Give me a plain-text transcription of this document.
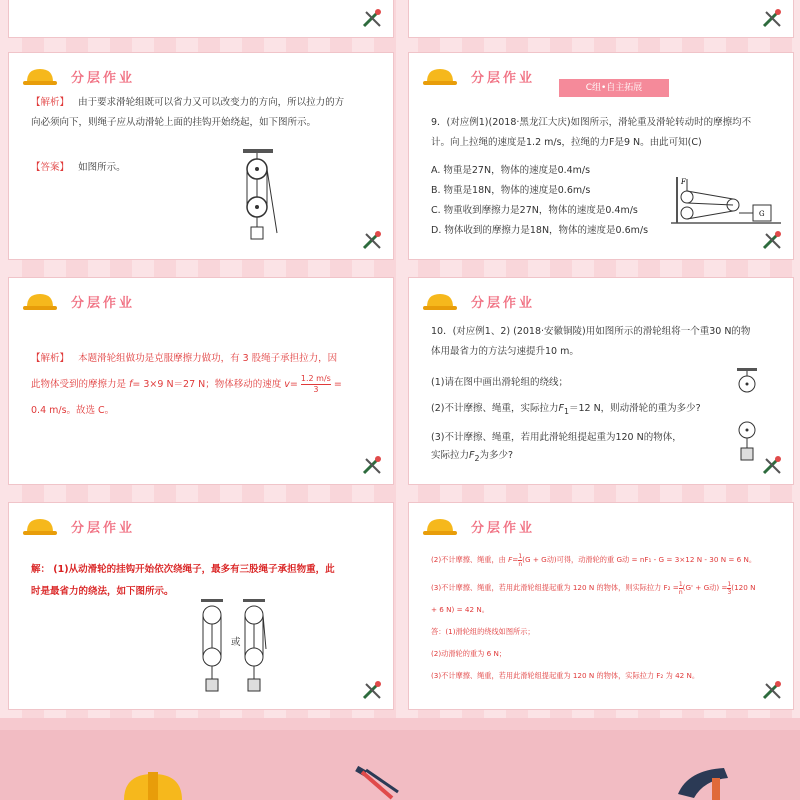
分层作业
【解析】 由于要求滑轮组既可以省力又可以改变力的方向，所以拉力的方
向必须向下，则绳子应从动滑轮上面的挂钩开始绕起，如下图所示。
【答案】 如图所示。
分层作业
C组•自主拓展
9．(对应例1)(2018·黑龙江大庆)如图所示，滑轮重及滑轮转动时的摩擦均不
计。向上拉绳的速度是1.2 m/s，拉绳的力F是9 N。由此可知(C)
A. 物重是27N，物体的速度是0.4m/s
B. 物重是18N，物体的速度是0.6m/s
C. 物重收到摩擦力是27N，物体的速度是0.4m/s
D. 物体收到的摩擦力是18N，物体的速度是0.6m/s
F
G
分层作业
【解析】 本题滑轮组做功是克服摩擦力做功，有 3 股绳子承担拉力，因
此物体受到的摩擦力是 f= 3×9 N＝27 N；物体移动的速度 $v= \frac{1.2 m/s}{3}$ =
0.4 m/s。故选 C。
分层作业
10．(对应例1、2) (2018·安徽铜陵)用如图所示的滑轮组将一个重30 N的物
体用最省力的方法匀速提升10 m。
(1)请在图中画出滑轮组的绕线；
(2)不计摩擦、绳重，实际拉力$F_1=12$ N，则动滑轮的重为多少?
(3)不计摩擦、绳重，若用此滑轮组提起重为120 N的物体，
实际拉力$F_2$为多少?
分层作业
解： (1)从动滑轮的挂钩开始依次绕绳子，最多有三股绳子承担物重，此
时是最省力的绕法，如下图所示。
或
分层作业
(2)不计摩擦、绳重，由 $F= \frac{1}{n} (G + G$动)可得，动滑轮的重 G动 = nF₁ - G = 3×12 N - 30 N = 6 N。
(3)不计摩擦、绳重，若用此滑轮组提起重为 120 N 的物体，则实际拉力 $F_2 = \frac{1}{n} (G' + G$动) = $\frac{1}{3} (120$ N
+ 6 N) = 42 N。
答：(1)滑轮组的绕线如图所示；
(2)动滑轮的重为 6 N；
(3)不计摩擦、绳重，若用此滑轮组提起重为 120 N 的物体，实际拉力 F₂ 为 42 N。
